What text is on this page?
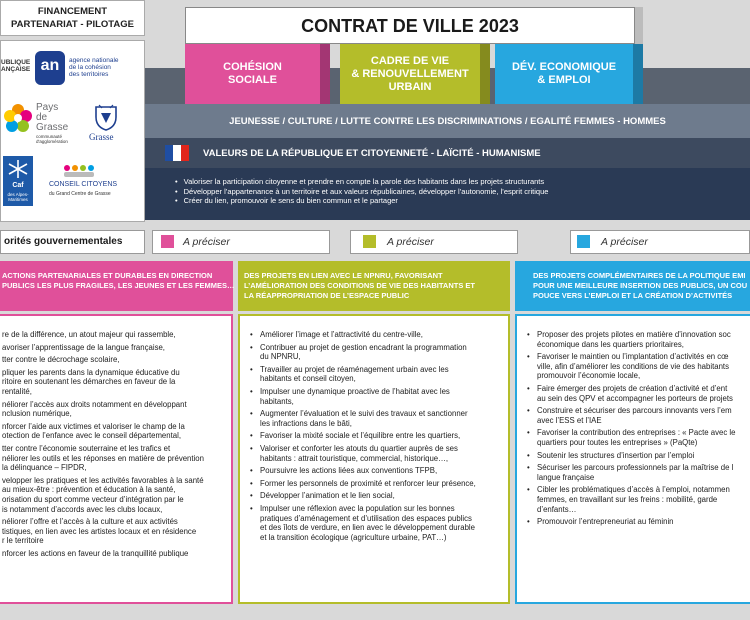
FINANCEMENT
PARTENARIAT - PILOTAGE
UBLIQUE
ANÇAISE an	agence nationale
de la cohésion
des territoires
Pays
de
Grasse
communauté
d'agglomération Grasse
Caf
des Alpes-
Maritimes
CONSEIL CITOYENS
du Grand Centre de Grasse
CONTRAT DE VILLE 2023
COHÉSION
SOCIALE
CADRE DE VIE
& RENOUVELLEMENT
URBAIN
DÉV. ECONOMIQUE
& EMPLOI
JEUNESSE / CULTURE / LUTTE CONTRE LES DISCRIMINATIONS / EGALITÉ FEMMES - HOMMES
VALEURS DE LA RÉPUBLIQUE ET CITOYENNETÉ - LAÏCITÉ - HUMANISME
• Valoriser la participation citoyenne et prendre en compte la parole des habitants dans les projets structurants
• Développer l’appartenance à un territoire et aux valeurs républicaines, développer l’autonomie, l’esprit critique
• Créer du lien, promouvoir le sens du bien commun et le partager
orités gouvernementales	A préciser	A préciser	A préciser
ACTIONS PARTENARIALES ET DURABLES EN DIRECTION
PUBLICS LES PLUS FRAGILES, LES JEUNES ET LES FEMMES…
• re de la différence, un atout majeur qui rassemble,
• avoriser l’apprentissage de la langue française,
• tter contre le décrochage scolaire,
• pliquer les parents dans la dynamique éducative du
ritoire en soutenant les démarches en faveur de la
rentalité,
• néliorer l’accès aux droits notamment en développant
nclusion numérique,
• nforcer l’aide aux victimes et valoriser le champ de la
otection de l’enfance avec le conseil départemental,
• tter contre l’économie souterraine et les trafics et
néliorer les outils et les réponses en matière de prévention
la délinquance – FIPDR,
• velopper les pratiques et les activités favorables à la santé
au mieux-être : prévention et éducation à la santé,
orisation du sport comme vecteur d’intégration par le
is notamment d’accords avec les clubs locaux,
• néliorer l’offre et l’accès à la culture et aux activités
tistiques, en lien avec les artistes locaux et en résidence
r le territoire
• nforcer les actions en faveur de la tranquillité publique
DES PROJETS EN LIEN AVEC LE NPNRU, FAVORISANT
L’AMÉLIORATION DES CONDITIONS DE VIE DES HABITANTS ET
LA RÉAPPROPRIATION DE L’ESPACE PUBLIC
• Améliorer l’image et l’attractivité du centre-ville,
• Contribuer au projet de gestion encadrant la programmation
du NPNRU,
• Travailler au projet de réaménagement urbain avec les
habitants et conseil citoyen,
• Impulser une dynamique proactive de l’habitat avec les
habitants,
• Augmenter l’évaluation et le suivi des travaux et sanctionner
les infractions dans le bâti,
• Favoriser la mixité sociale et l’équilibre entre les quartiers,
• Valoriser et conforter les atouts du quartier auprès de ses
habitants : attrait touristique, commercial, historique…,
• Poursuivre les actions liées aux conventions TFPB,
• Former les personnels de proximité et renforcer leur présence,
• Développer l’animation et le lien social,
• Impulser une réflexion avec la population sur les bonnes
pratiques d’aménagement et d’utilisation des espaces publics
et des îlots de verdure, en lien avec le développement durable
et la transition écologique (agriculture urbaine, PAT…)
DES PROJETS COMPLÉMENTAIRES DE LA POLITIQUE EMI
POUR UNE MEILLEURE INSERTION DES PUBLICS, UN COU
POUCE VERS L’EMPLOI ET LA CRÉATION D’ACTIVITÉS
• Proposer des projets pilotes en matière d’innovation soc
économique dans les quartiers prioritaires,
• Favoriser le maintien ou l’implantation d’activités en cœ
ville, afin d’améliorer les conditions de vie des habitants
promouvoir l’économie locale,
• Faire émerger des projets de création d’activité et d’ent
au sein des QPV et accompagner les porteurs de projets
• Construire et sécuriser des parcours innovants vers l’em
avec l’ESS et l’IAE
• Favoriser la contribution des entreprises : « Pacte avec le
quartiers pour toutes les entreprises » (PaQte)
• Soutenir les structures d’insertion par l’emploi
• Sécuriser les parcours professionnels par la maîtrise de l
langue française
• Cibler les problématiques d’accès à l’emploi, notammen
femmes, en travaillant sur les freins : mobilité, garde
d’enfants…
• Promouvoir l’entrepreneuriat au féminin
